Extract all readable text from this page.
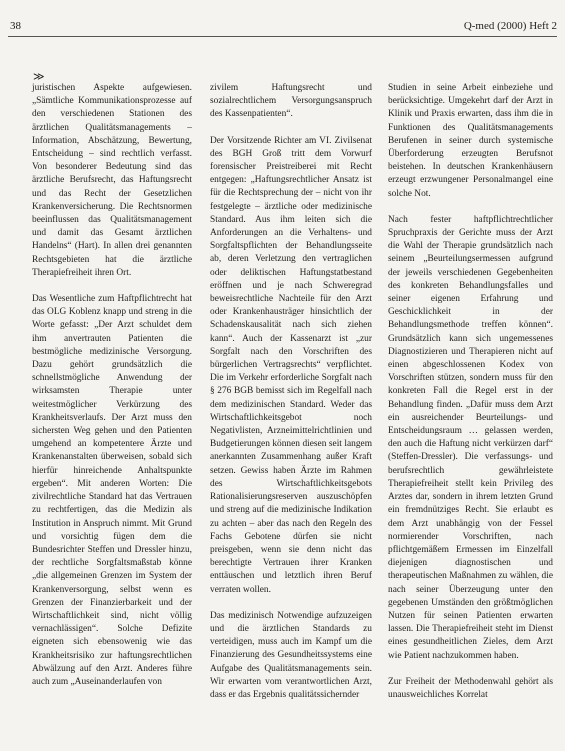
38	Q-med (2000) Heft 2
≫

juristischen Aspekte aufgewiesen. „Sämtliche Kommunikationsprozesse auf den verschiedenen Stationen des ärztlichen Qualitätsmanagements – Information, Abschätzung, Bewertung, Entscheidung – sind rechtlich verfasst. Von besonderer Bedeutung sind das ärztliche Berufsrecht, das Haftungsrecht und das Recht der Gesetzlichen Krankenversicherung. Die Rechtsnormen beeinflussen das Qualitätsmanagement und damit das Gesamt ärztlichen Handelns“ (Hart). In allen drei genannten Rechtsgebieten hat die ärztliche Therapiefreiheit ihren Ort.

Das Wesentliche zum Haftpflichtrecht hat das OLG Koblenz knapp und streng in die Worte gefasst: „Der Arzt schuldet dem ihm anvertrauten Patienten die bestmögliche medizinische Versorgung. Dazu gehört grundsätzlich die schnellstmögliche Anwendung der wirksamsten Therapie unter weitestmöglicher Verkürzung des Krankheitsverlaufs. Der Arzt muss den sichersten Weg gehen und den Patienten umgehend an kompetentere Ärzte und Krankenanstalten überweisen, sobald sich hierfür hinreichende Anhaltspunkte ergeben“. Mit anderen Worten: Die zivilrechtliche Standard hat das Vertrauen zu rechtfertigen, das die Medizin als Institution in Anspruch nimmt. Mit Grund und vorsichtig fügen dem die Bundesrichter Steffen und Dressler hinzu, der rechtliche Sorgfaltsmaßstab könne „die allgemeinen Grenzen im System der Krankenversorgung, selbst wenn es Grenzen der Finanzierbarkeit und der Wirtschaftlichkeit sind, nicht völlig vernachlässigen“. Solche Defizite eigneten sich ebensowenig wie das Krankheitsrisiko zur haftungsrechtlichen Abwälzung auf den Arzt. Anderes führe auch zum „Auseinanderlaufen von

zivilem Haftungsrecht und sozialrechtlichem Versorgungsanspruch des Kassenpatienten“.

Der Vorsitzende Richter am VI. Zivilsenat des BGH Groß tritt dem Vorwurf forensischer Preistreiberei mit Recht entgegen: „Haftungsrechtlicher Ansatz ist für die Rechtsprechung der – nicht von ihr festgelegte – ärztliche oder medizinische Standard. Aus ihm leiten sich die Anforderungen an die Verhaltens- und Sorgfaltspflichten der Behandlungsseite ab, deren Verletzung den vertraglichen oder deliktischen Haftungstatbestand eröffnen und je nach Schweregrad beweisrechtliche Nachteile für den Arzt oder Krankenhausträger hinsichtlich der Schadenskausalität nach sich ziehen kann“. Auch der Kassenarzt ist „zur Sorgfalt nach den Vorschriften des bürgerlichen Vertragsrechts“ verpflichtet. Die im Verkehr erforderliche Sorgfalt nach § 276 BGB bemisst sich im Regelfall nach dem medizinischen Standard. Weder das Wirtschaftlichkeitsgebot noch Negativlisten, Arzneimittelrichtlinien und Budgetierungen können diesen seit langem anerkannten Zusammenhang außer Kraft setzen. Gewiss haben Ärzte im Rahmen des Wirtschaftlichkeitsgebots Rationalisierungsreserven auszuschöpfen und streng auf die medizinische Indikation zu achten – aber das nach den Regeln des Fachs Gebotene dürfen sie nicht preisgeben, wenn sie denn nicht das berechtigte Vertrauen ihrer Kranken enttäuschen und letztlich ihren Beruf verraten wollen.

Das medizinisch Notwendige aufzuzeigen und die ärztlichen Standards zu verteidigen, muss auch im Kampf um die Finanzierung des Gesundheitssystems eine Aufgabe des Qualitätsmanagements sein. Wir erwarten vom verantwortlichen Arzt, dass er das Ergebnis qualitätssichernder

Studien in seine Arbeit einbeziehe und berücksichtige. Umgekehrt darf der Arzt in Klinik und Praxis erwarten, dass ihm die in Funktionen des Qualitätsmanagements Berufenen in seiner durch systemische Überforderung erzeugten Berufsnot beistehen. In deutschen Krankenhäusern erzeugt erzwungener Personalmangel eine solche Not.

Nach fester haftpflichtrechtlicher Spruchpraxis der Gerichte muss der Arzt die Wahl der Therapie grundsätzlich nach seinem „Beurteilungsermessen aufgrund der jeweils verschiedenen Gegebenheiten des konkreten Behandlungsfalles und seiner eigenen Erfahrung und Geschicklichkeit in der Behandlungsmethode treffen können“. Grundsätzlich kann sich ungemessenes Diagnostizieren und Therapieren nicht auf einen abgeschlossenen Kodex von Vorschriften stützen, sondern muss für den konkreten Fall die Regel erst in der Behandlung finden. „Dafür muss dem Arzt ein ausreichender Beurteilungs- und Entscheidungsraum … gelassen werden, den auch die Haftung nicht verkürzen darf“ (Steffen-Dressler). Die verfassungs- und berufsrechtlich gewährleistete Therapiefreiheit stellt kein Privileg des Arztes dar, sondern in ihrem letzten Grund ein fremdnütziges Recht. Sie erlaubt es dem Arzt unabhängig von der Fessel normierender Vorschriften, nach pflichtgemäßem Ermessen im Einzelfall diejenigen diagnostischen und therapeutischen Maßnahmen zu wählen, die nach seiner Überzeugung unter den gegebenen Umständen den größtmöglichen Nutzen für seinen Patienten erwarten lassen. Die Therapiefreiheit steht im Dienst eines gesundheitlichen Zieles, dem Arzt wie Patient nachzukommen haben.

Zur Freiheit der Methodenwahl gehört als unausweichliches Korrelat
